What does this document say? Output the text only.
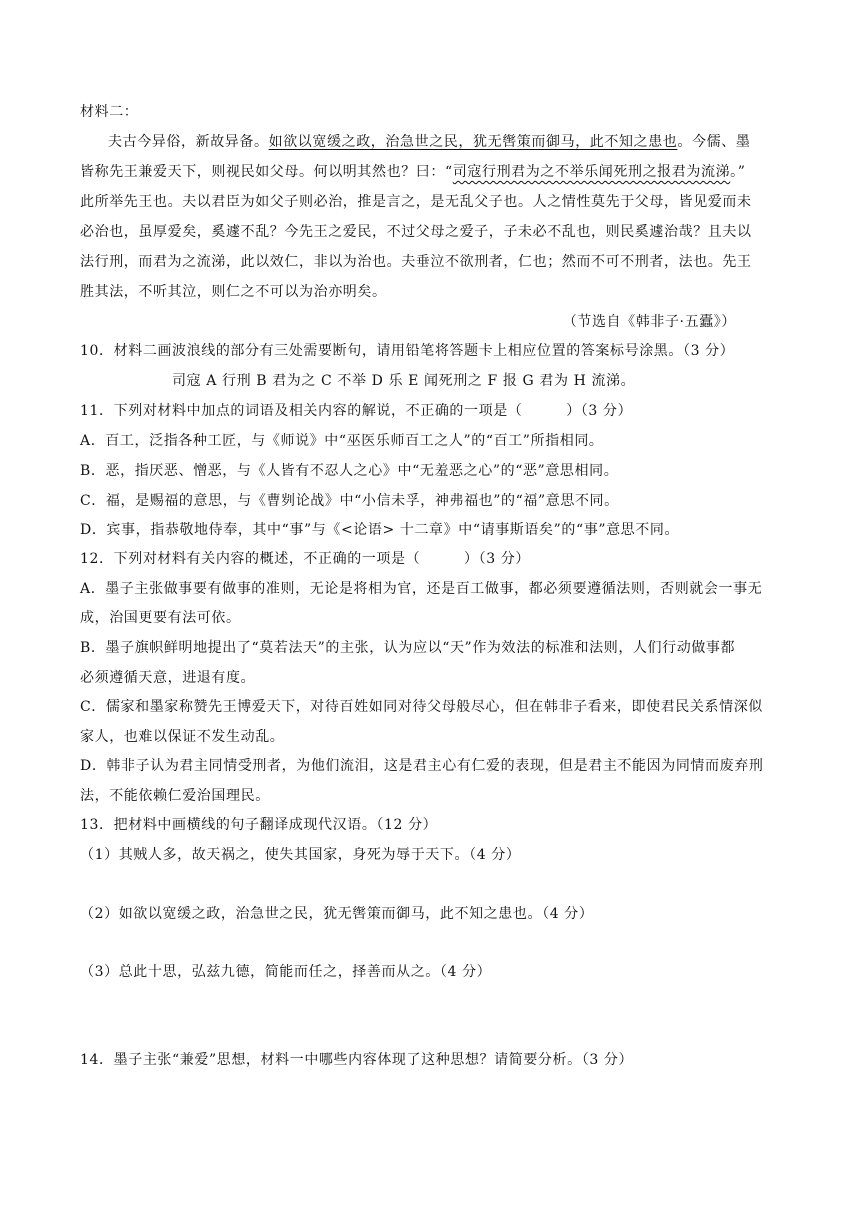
材料二：
夫古今异俗，新故异备。如欲以宽缓之政，治急世之民，犹无辔策而御马，此不知之患也。今儒、墨
皆称先王兼爱天下，则视民如父母。何以明其然也？曰：“司寇行刑君为之不举乐闻死刑之报君为流涕。”
此所举先王也。夫以君臣为如父子则必治，推是言之，是无乱父子也。人之情性莫先于父母，皆见爱而未
必治也，虽厚爱矣，奚遽不乱？今先王之爱民，不过父母之爱子，子未必不乱也，则民奚遽治哉？且夫以
法行刑，而君为之流涕，此以效仁，非以为治也。夫垂泣不欲刑者，仁也；然而不可不刑者，法也。先王
胜其法，不听其泣，则仁之不可以为治亦明矣。
（节选自《韩非子·五蠹》）
10．材料二画波浪线的部分有三处需要断句，请用铅笔将答题卡上相应位置的答案标号涂黑。（3 分）
司寇 A 行刑 B 君为之 C 不举 D 乐 E 闻死刑之 F 报 G 君为 H 流涕。
11．下列对材料中加点的词语及相关内容的解说，不正确的一项是（　　　）（3 分）
A．百工，泛指各种工匠，与《师说》中“巫医乐师百工之人”的“百工”所指相同。
B．恶，指厌恶、憎恶，与《人皆有不忍人之心》中“无羞恶之心”的“恶”意思相同。
C．福，是赐福的意思，与《曹刿论战》中“小信未孚，神弗福也”的“福”意思不同。
D．宾事，指恭敬地侍奉，其中“事”与《<论语> 十二章》中“请事斯语矣”的“事”意思不同。
12．下列对材料有关内容的概述，不正确的一项是（　　　）（3 分）
A．墨子主张做事要有做事的准则，无论是将相为官，还是百工做事，都必须要遵循法则，否则就会一事无
成，治国更要有法可依。
B．墨子旗帜鲜明地提出了“莫若法天”的主张，认为应以“天”作为效法的标准和法则，人们行动做事都
必须遵循天意，进退有度。
C．儒家和墨家称赞先王博爱天下，对待百姓如同对待父母般尽心，但在韩非子看来，即使君民关系情深似
家人，也难以保证不发生动乱。
D．韩非子认为君主同情受刑者，为他们流泪，这是君主心有仁爱的表现，但是君主不能因为同情而废弃刑
法，不能依赖仁爱治国理民。
13．把材料中画横线的句子翻译成现代汉语。（12 分）
（1）其贼人多，故天祸之，使失其国家，身死为辱于天下。（4 分）
（2）如欲以宽缓之政，治急世之民，犹无辔策而御马，此不知之患也。（4 分）
（3）总此十思，弘兹九德，简能而任之，择善而从之。（4 分）
14．墨子主张“兼爱”思想，材料一中哪些内容体现了这种思想？请简要分析。（3 分）
